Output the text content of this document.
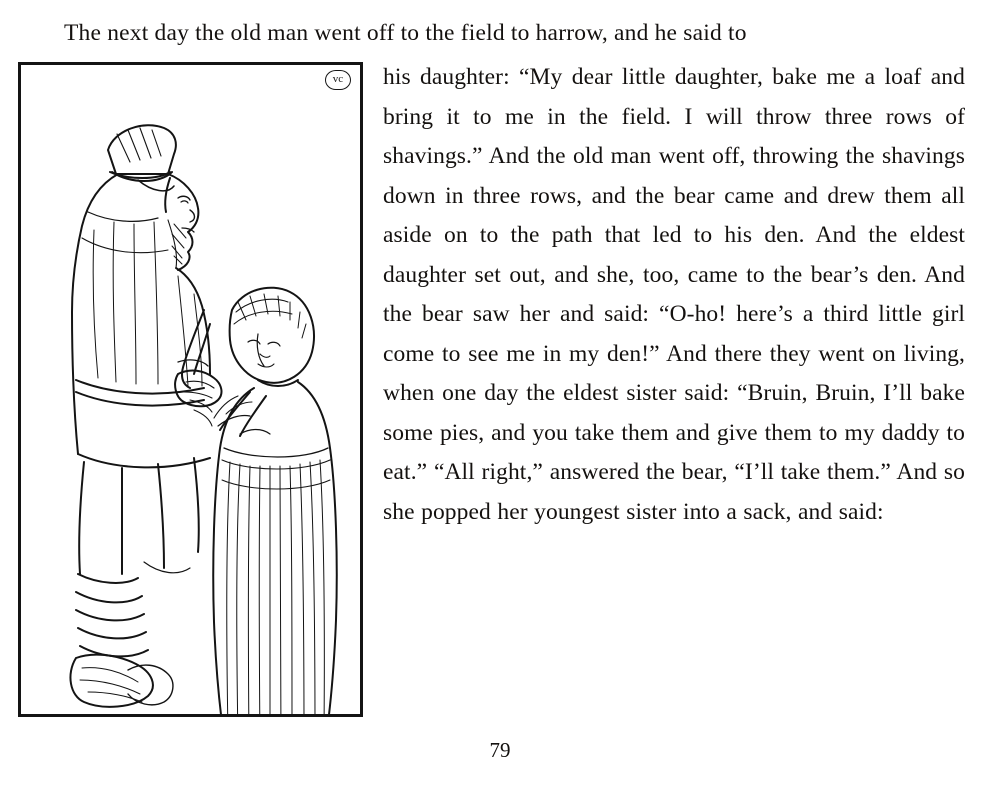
The next day the old man went off to the field to harrow, and he said to
vc	his daughter: “My dear little daughter, bake me a loaf and bring it to me in the field. I will throw three rows of shavings.” And the old man went off, throwing the shavings down in three rows, and the bear came and drew them all aside on to the path that led to his den. And the eldest daughter set out, and she, too, came to the bear’s den. And the bear saw her and said: “O-ho! here’s a third little girl come to see me in my den!” And there they went on living, when one day the eldest sister said: “Bruin, Bruin, I’ll bake some pies, and you take them and give them to my daddy to eat.” “All right,” answered the bear, “I’ll take them.” And so she popped her youngest sister into a sack, and said:

79
